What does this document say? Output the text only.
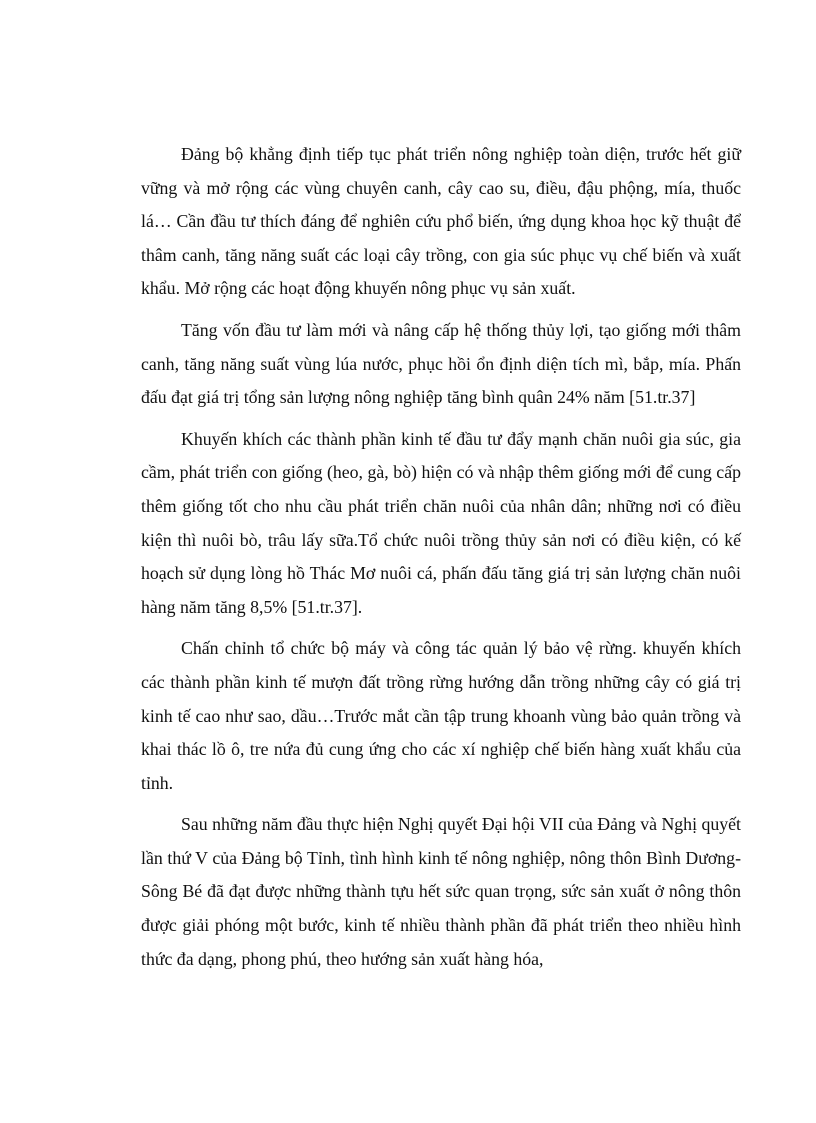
Đảng bộ khẳng định tiếp tục phát triển nông nghiệp toàn diện, trước hết giữ vững và mở rộng các vùng chuyên canh, cây cao su, điều, đậu phộng, mía, thuốc lá… Cần đầu tư thích đáng để nghiên cứu phổ biến, ứng dụng khoa học kỹ thuật để thâm canh, tăng năng suất các loại cây trồng, con gia súc phục vụ chế biến và xuất khẩu. Mở rộng các hoạt động khuyến nông phục vụ sản xuất.

Tăng vốn đầu tư làm mới và nâng cấp hệ thống thủy lợi, tạo giống mới thâm canh, tăng năng suất vùng lúa nước, phục hồi ổn định diện tích mì, bắp, mía. Phấn đấu đạt giá trị tổng sản lượng nông nghiệp tăng bình quân 24% năm [51.tr.37]

Khuyến khích các thành phần kinh tế đầu tư đẩy mạnh chăn nuôi gia súc, gia cầm, phát triển con giống (heo, gà, bò) hiện có và nhập thêm giống mới để cung cấp thêm giống tốt cho nhu cầu phát triển chăn nuôi của nhân dân; những nơi có điều kiện thì nuôi bò, trâu lấy sữa.Tổ chức nuôi trồng thủy sản nơi có điều kiện, có kế hoạch sử dụng lòng hồ Thác Mơ nuôi cá, phấn đấu tăng giá trị sản lượng chăn nuôi hàng năm tăng 8,5% [51.tr.37].

Chấn chỉnh tổ chức bộ máy và công tác quản lý bảo vệ rừng. khuyến khích các thành phần kinh tế mượn đất trồng rừng hướng dẫn trồng những cây có giá trị kinh tế cao như sao, dầu…Trước mắt cần tập trung khoanh vùng bảo quản trồng và khai thác lồ ô, tre nứa đủ cung ứng cho các xí nghiệp chế biến hàng xuất khẩu của tỉnh.

Sau những năm đầu thực hiện Nghị quyết Đại hội VII của Đảng và Nghị quyết lần thứ V của Đảng bộ Tỉnh, tình hình kinh tế nông nghiệp, nông thôn Bình Dương- Sông Bé đã đạt được những thành tựu hết sức quan trọng, sức sản xuất ở nông thôn được giải phóng một bước, kinh tế nhiều thành phần đã phát triển theo nhiều hình thức đa dạng, phong phú, theo hướng sản xuất hàng hóa,
